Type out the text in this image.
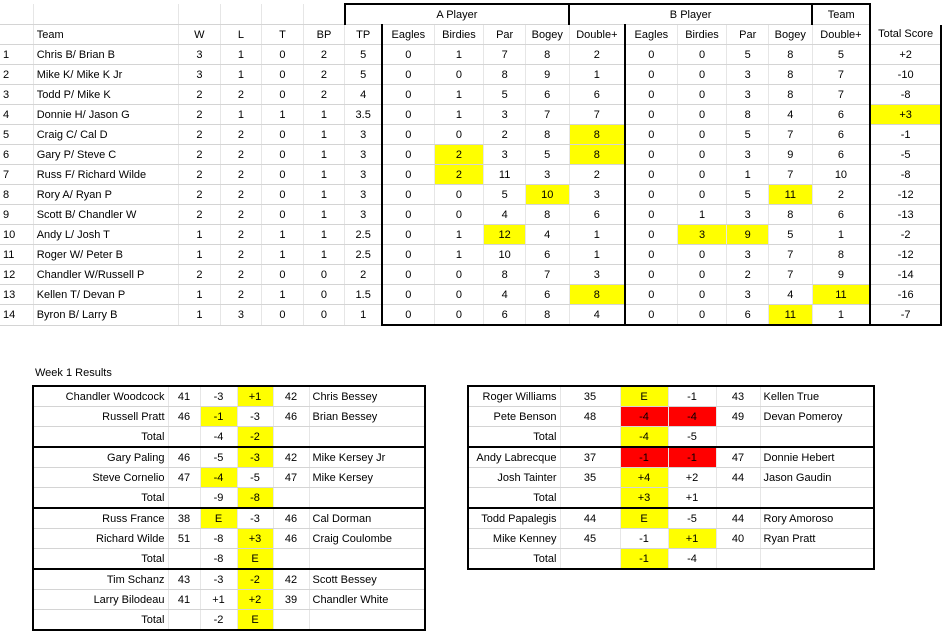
						A Player					B Player					Team	
	Team	W	L	T	BP	TP	Eagles	Birdies	Par	Bogey	Double+	Eagles	Birdies	Par	Bogey	Double+	Total Score
1	Chris B/ Brian B	3	1	0	2	5	0	1	7	8	2	0	0	5	8	5	+2
2	Mike K/ Mike K Jr	3	1	0	2	5	0	0	8	9	1	0	0	3	8	7	-10
3	Todd P/ Mike K	2	2	0	2	4	0	1	5	6	6	0	0	3	8	7	-8
4	Donnie H/ Jason G	2	1	1	1	3.5	0	1	3	7	7	0	0	8	4	6	+3
5	Craig C/ Cal D	2	2	0	1	3	0	0	2	8	8	0	0	5	7	6	-1
6	Gary P/ Steve C	2	2	0	1	3	0	2	3	5	8	0	0	3	9	6	-5
7	Russ F/ Richard Wilde	2	2	0	1	3	0	2	11	3	2	0	0	1	7	10	-8
8	Rory A/ Ryan P	2	2	0	1	3	0	0	5	10	3	0	0	5	11	2	-12
9	Scott B/ Chandler W	2	2	0	1	3	0	0	4	8	6	0	1	3	8	6	-13
10	Andy L/ Josh T	1	2	1	1	2.5	0	1	12	4	1	0	3	9	5	1	-2
11	Roger W/ Peter B	1	2	1	1	2.5	0	1	10	6	1	0	0	3	7	8	-12
12	Chandler W/Russell P	2	2	0	0	2	0	0	8	7	3	0	0	2	7	9	-14
13	Kellen T/ Devan P	1	2	1	0	1.5	0	0	4	6	8	0	0	3	4	11	-16
14	Byron B/ Larry B	1	3	0	0	1	0	0	6	8	4	0	0	6	11	1	-7
Week 1 Results
Chandler Woodcock	41	-3	+1	42	Chris Bessey
Russell Pratt	46	-1	-3	46	Brian Bessey
Total		-4	-2		
Gary Paling	46	-5	-3	42	Mike Kersey Jr
Steve Cornelio	47	-4	-5	47	Mike Kersey
Total		-9	-8		
Russ France	38	E	-3	46	Cal Dorman
Richard Wilde	51	-8	+3	46	Craig Coulombe
Total		-8	E		
Tim Schanz	43	-3	-2	42	Scott Bessey
Larry Bilodeau	41	+1	+2	39	Chandler White
Total		-2	E		
Roger Williams	35	E	-1	43	Kellen True
Pete Benson	48	-4	-4	49	Devan Pomeroy
Total		-4	-5		
Andy Labrecque	37	-1	-1	47	Donnie Hebert
Josh Tainter	35	+4	+2	44	Jason Gaudin
Total		+3	+1		
Todd Papalegis	44	E	-5	44	Rory Amoroso
Mike Kenney	45	-1	+1	40	Ryan Pratt
Total		-1	-4		
